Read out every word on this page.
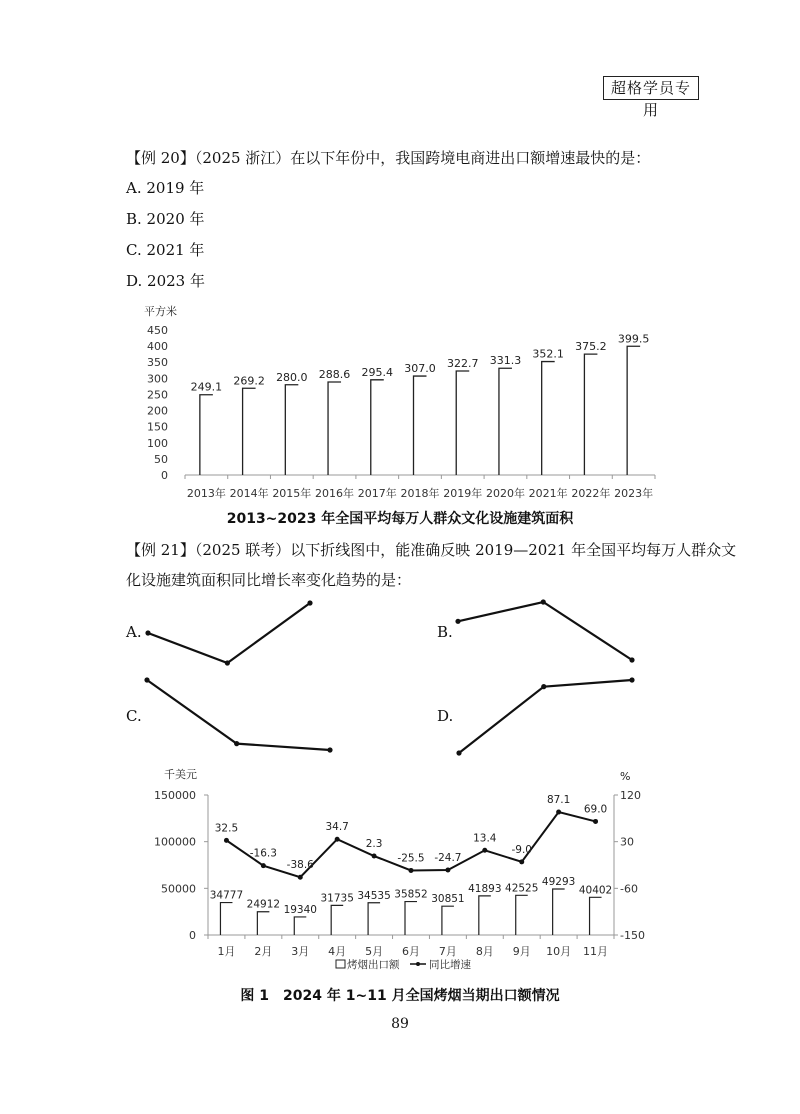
超格学员专用
【例 20】（2025 浙江）在以下年份中，我国跨境电商进出口额增速最快的是：
A. 2019 年
B. 2020 年
C. 2021 年
D. 2023 年
平方米
450
400
350
300
250
200
150
100
50
0
249.1
2013年
269.2
2014年
280.0
2015年
288.6
2016年
295.4
2017年
307.0
2018年
322.7
2019年
331.3
2020年
352.1
2021年
375.2
2022年
399.5
2023年
2013~2023 年全国平均每万人群众文化设施建筑面积
【例 21】（2025 联考）以下折线图中，能准确反映 2019—2021 年全国平均每万人群众文
化设施建筑面积同比增长率变化趋势的是：
A.	B.
C.	D.
千美元	%
150000
100000
50000
0
120
30
-60
-150
34777
1月
24912
2月
19340
3月
31735
4月
34535
5月
35852
6月
30851
7月
41893
8月
42525
9月
49293
10月
40402
11月
32.5
-16.3
-38.6
34.7
2.3
-25.5 -24.7
13.4
-9.0
87.1
69.0
烤烟出口额	同比增速
图 1　2024 年 1~11 月全国烤烟当期出口额情况
89
